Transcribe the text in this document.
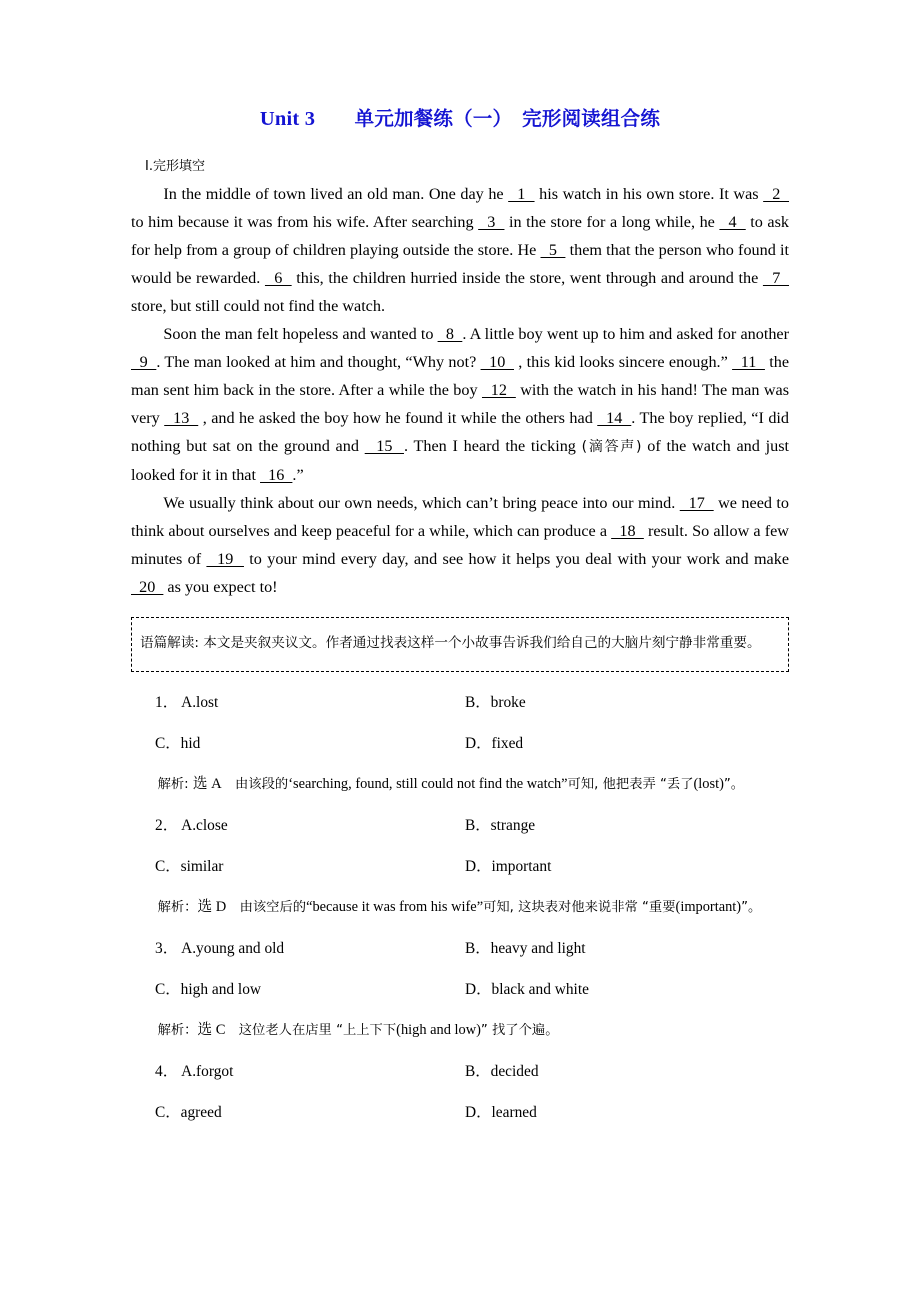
Unit 3　　 单元加餐练（一）　完形阅读组合练
Ⅰ.完形填空

In the middle of town lived an old man. One day he   1   his watch in his own store. It was   2   to him because it was from his wife. After searching   3   in the store for a long while, he   4   to ask for help from a group of children playing outside the store. He   5   them that the person who found it would be rewarded.   6   this, the children hurried inside the store, went through and around the   7   store, but still could not find the watch.

Soon the man felt hopeless and wanted to   8  . A little boy went up to him and asked for another   9  . The man looked at him and thought, “Why not?   10   , this kid looks sincere enough.”   11   the man sent him back in the store. After a while the boy   12   with the watch in his hand! The man was very   13   , and he asked the boy how he found it while the others had   14  . The boy replied, “I did nothing but sat on the ground and   15  . Then I heard the ticking (滴答声) of the watch and just looked for it in that   16  .”

We usually think about our own needs, which can’t bring peace into our mind.   17   we need to think about ourselves and keep peaceful for a while, which can produce a   18   result. So allow a few minutes of   19   to your mind every day, and see how it helps you deal with your work and make   20   as you expect to!

语篇解读: 本文是夹叙夹议文。作者通过找表这样一个小故事告诉我们给自己的大脑片刻宁静非常重要。

1． A.lost	B．broke
C．hid	D．fixed

解析: 选 A　由该段的‘searching, found, still could not find the watch”可知, 他把表弄 “丢了(lost)”。

2． A.close	B．strange
C．similar	D．important

解析：选 D　由该空后的“because it was from his wife”可知, 这块表对他来说非常 “重要(important)”。

3． A.young and old	B．heavy and light
C．high and low	D．black and white

解析：选 C　这位老人在店里 “上上下下(high and low)” 找了个遍。

4． A.forgot	B．decided
C．agreed	D．learned
